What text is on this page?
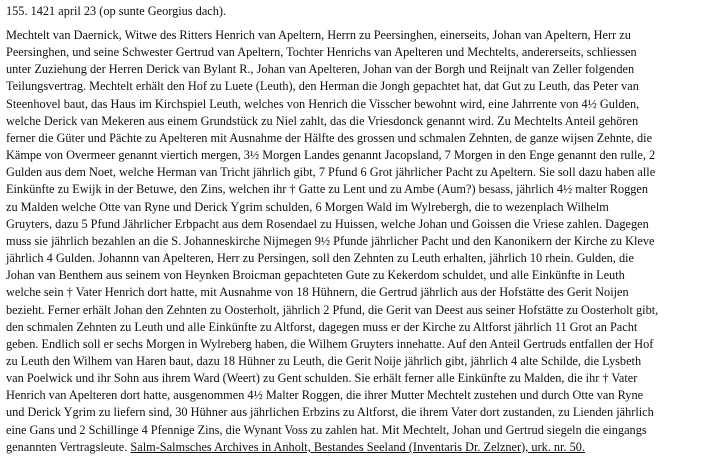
155. 1421 april 23 (op sunte Georgius dach).
Mechtelt van Daernick, Witwe des Ritters Henrich van Apeltern, Herrn zu Peersinghen, einerseits, Johan van Apeltern, Herr zu
Peersinghen, und seine Schwester Gertrud van Apeltern, Tochter Henrichs van Apelteren und Mechtelts, andererseits, schliessen
unter Zuziehung der Herren Derick van Bylant R., Johan van Apelteren, Johan van der Borgh und Reijnalt van Zeller folgenden
Teilungsvertrag. Mechtelt erhält den Hof zu Luete (Leuth), den Herman die Jongh gepachtet hat, dat Gut zu Leuth, das Peter van
Steenhovel baut, das Haus im Kirchspiel Leuth, welches von Henrich die Visscher bewohnt wird, eine Jahrrente von 4½ Gulden,
welche Derick van Mekeren aus einem Grundstück zu Niel zahlt, das die Vriesdonck genannt wird. Zu Mechtelts Anteil gehören
ferner die Güter und Pächte zu Apelteren mit Ausnahme der Hälfte des grossen und schmalen Zehnten, de ganze wijsen Zehnte, die
Kämpe von Overmeer genannt viertich mergen, 3½ Morgen Landes genannt Jacopsland, 7 Morgen in den Enge genannt den rulle, 2
Gulden aus dem Noet, welche Herman van Tricht jährlich gibt, 7 Pfund 6 Grot jährlicher Pacht zu Apeltern. Sie soll dazu haben alle
Einkünfte zu Ewijk in der Betuwe, den Zins, welchen ihr † Gatte zu Lent und zu Ambe (Aum?) besass, jährlich 4½ malter Roggen
zu Malden welche Otte van Ryne und Derick Ygrim schulden, 6 Morgen Wald im Wylrebergh, die to wezenplach Wilhelm
Gruyters, dazu 5 Pfund Jährlicher Erbpacht aus dem Rosendael zu Huissen, welche Johan und Goissen die Vriese zahlen. Dagegen
muss sie jährlich bezahlen an die S. Johanneskirche Nijmegen 9½ Pfunde jährlicher Pacht und den Kanonikern der Kirche zu Kleve
jährlich 4 Gulden. Johannn van Apelteren, Herr zu Persingen, soll den Zehnten zu Leuth erhalten, jährlich 10 rhein. Gulden, die
Johan van Benthem aus seinem von Heynken Broicman gepachteten Gute zu Kekerdom schuldet, und alle Einkünfte in Leuth
welche sein † Vater Henrich dort hatte, mit Ausnahme von 18 Hühnern, die Gertrud jährlich aus der Hofstätte des Gerit Noijen
bezieht. Ferner erhält Johan den Zehnten zu Oosterholt, jährlich 2 Pfund, die Gerit van Deest aus seiner Hofstätte zu Oosterholt gibt,
den schmalen Zehnten zu Leuth und alle Einkünfte zu Altforst, dagegen muss er der Kirche zu Altforst jährlich 11 Grot an Pacht
geben. Endlich soll er sechs Morgen in Wylreberg haben, die Wilhem Gruyters innehatte. Auf den Anteil Gertruds entfallen der Hof
zu Leuth den Wilhem van Haren baut, dazu 18 Hühner zu Leuth, die Gerit Noije jährlich gibt, jährlich 4 alte Schilde, die Lysbeth
van Poelwick und ihr Sohn aus ihrem Ward (Weert) zu Gent schulden. Sie erhält ferner alle Einkünfte zu Malden, die ihr † Vater
Henrich van Apelteren dort hatte, ausgenommen 4½ Malter Roggen, die ihrer Mutter Mechtelt zustehen und durch Otte van Ryne
und Derick Ygrim zu liefern sind, 30 Hühner aus jährlichen Erbzins zu Altforst, die ihrem Vater dort zustanden, zu Lienden jährlich
eine Gans und 2 Schillinge 4 Pfennige Zins, die Wynant Voss zu zahlen hat. Mit Mechtelt, Johan und Gertrud siegeln die eingangs
genannten Vertragsleute. Salm-Salmsches Archives in Anholt, Bestandes Seeland (Inventaris Dr. Zelzner), urk. nr. 50.
